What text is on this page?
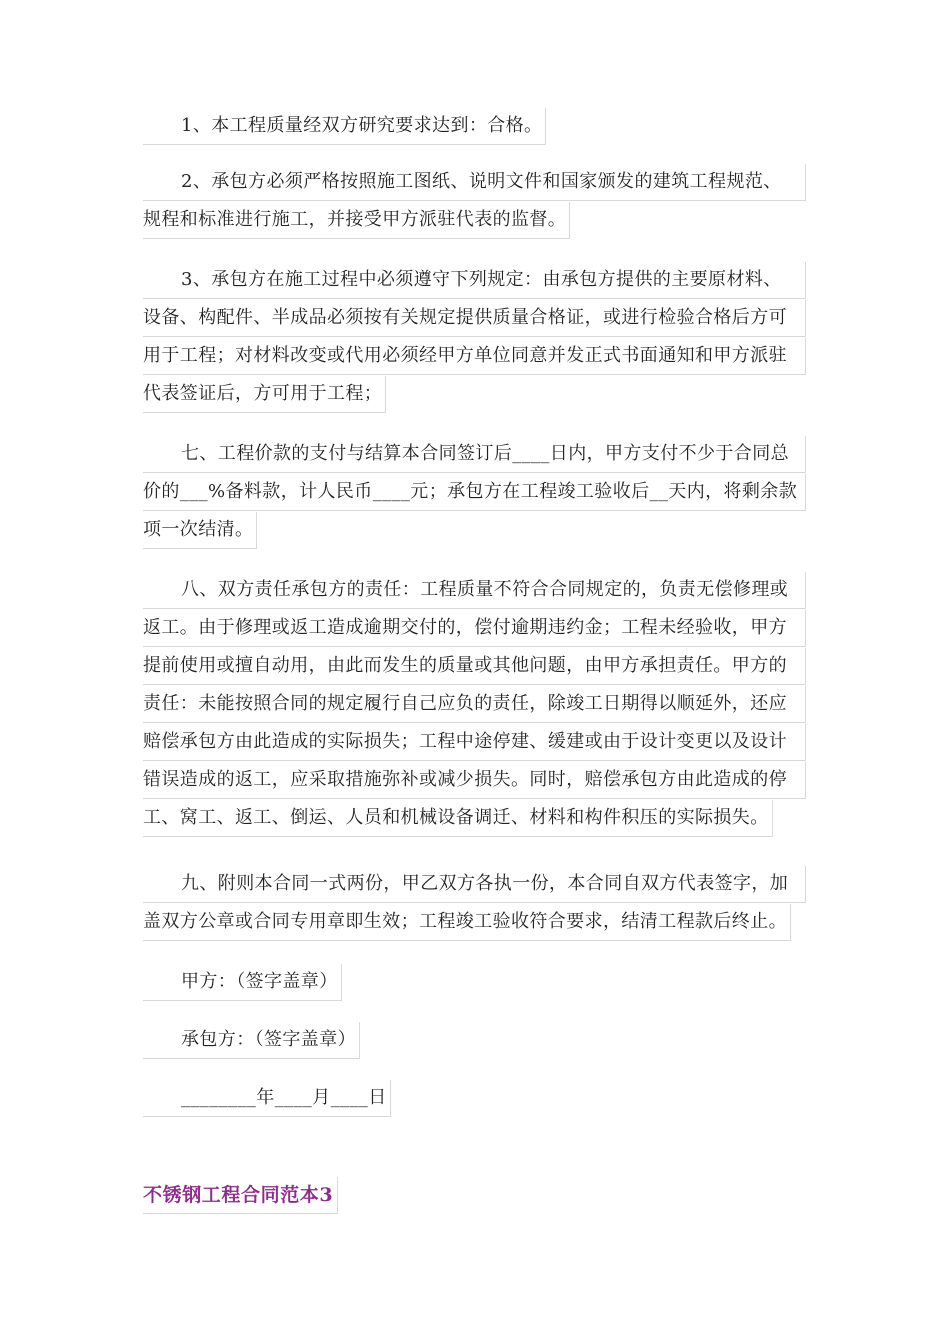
1、本工程质量经双方研究要求达到：合格。
2、承包方必须严格按照施工图纸、说明文件和国家颁发的建筑工程规范、
规程和标准进行施工，并接受甲方派驻代表的监督。
3、承包方在施工过程中必须遵守下列规定：由承包方提供的主要原材料、
设备、构配件、半成品必须按有关规定提供质量合格证，或进行检验合格后方可
用于工程；对材料改变或代用必须经甲方单位同意并发正式书面通知和甲方派驻
代表签证后，方可用于工程；
七、工程价款的支付与结算本合同签订后____日内，甲方支付不少于合同总
价的___%备料款，计人民币____元；承包方在工程竣工验收后__天内，将剩余款
项一次结清。
八、双方责任承包方的责任：工程质量不符合合同规定的，负责无偿修理或
返工。由于修理或返工造成逾期交付的，偿付逾期违约金；工程未经验收，甲方
提前使用或擅自动用，由此而发生的质量或其他问题，由甲方承担责任。甲方的
责任：未能按照合同的规定履行自己应负的责任，除竣工日期得以顺延外，还应
赔偿承包方由此造成的实际损失；工程中途停建、缓建或由于设计变更以及设计
错误造成的返工，应采取措施弥补或减少损失。同时，赔偿承包方由此造成的停
工、窝工、返工、倒运、人员和机械设备调迁、材料和构件积压的实际损失。
九、附则本合同一式两份，甲乙双方各执一份，本合同自双方代表签字，加
盖双方公章或合同专用章即生效；工程竣工验收符合要求，结清工程款后终止。
甲方：（签字盖章）
承包方：（签字盖章）
________年____月____日
不锈钢工程合同范本3
